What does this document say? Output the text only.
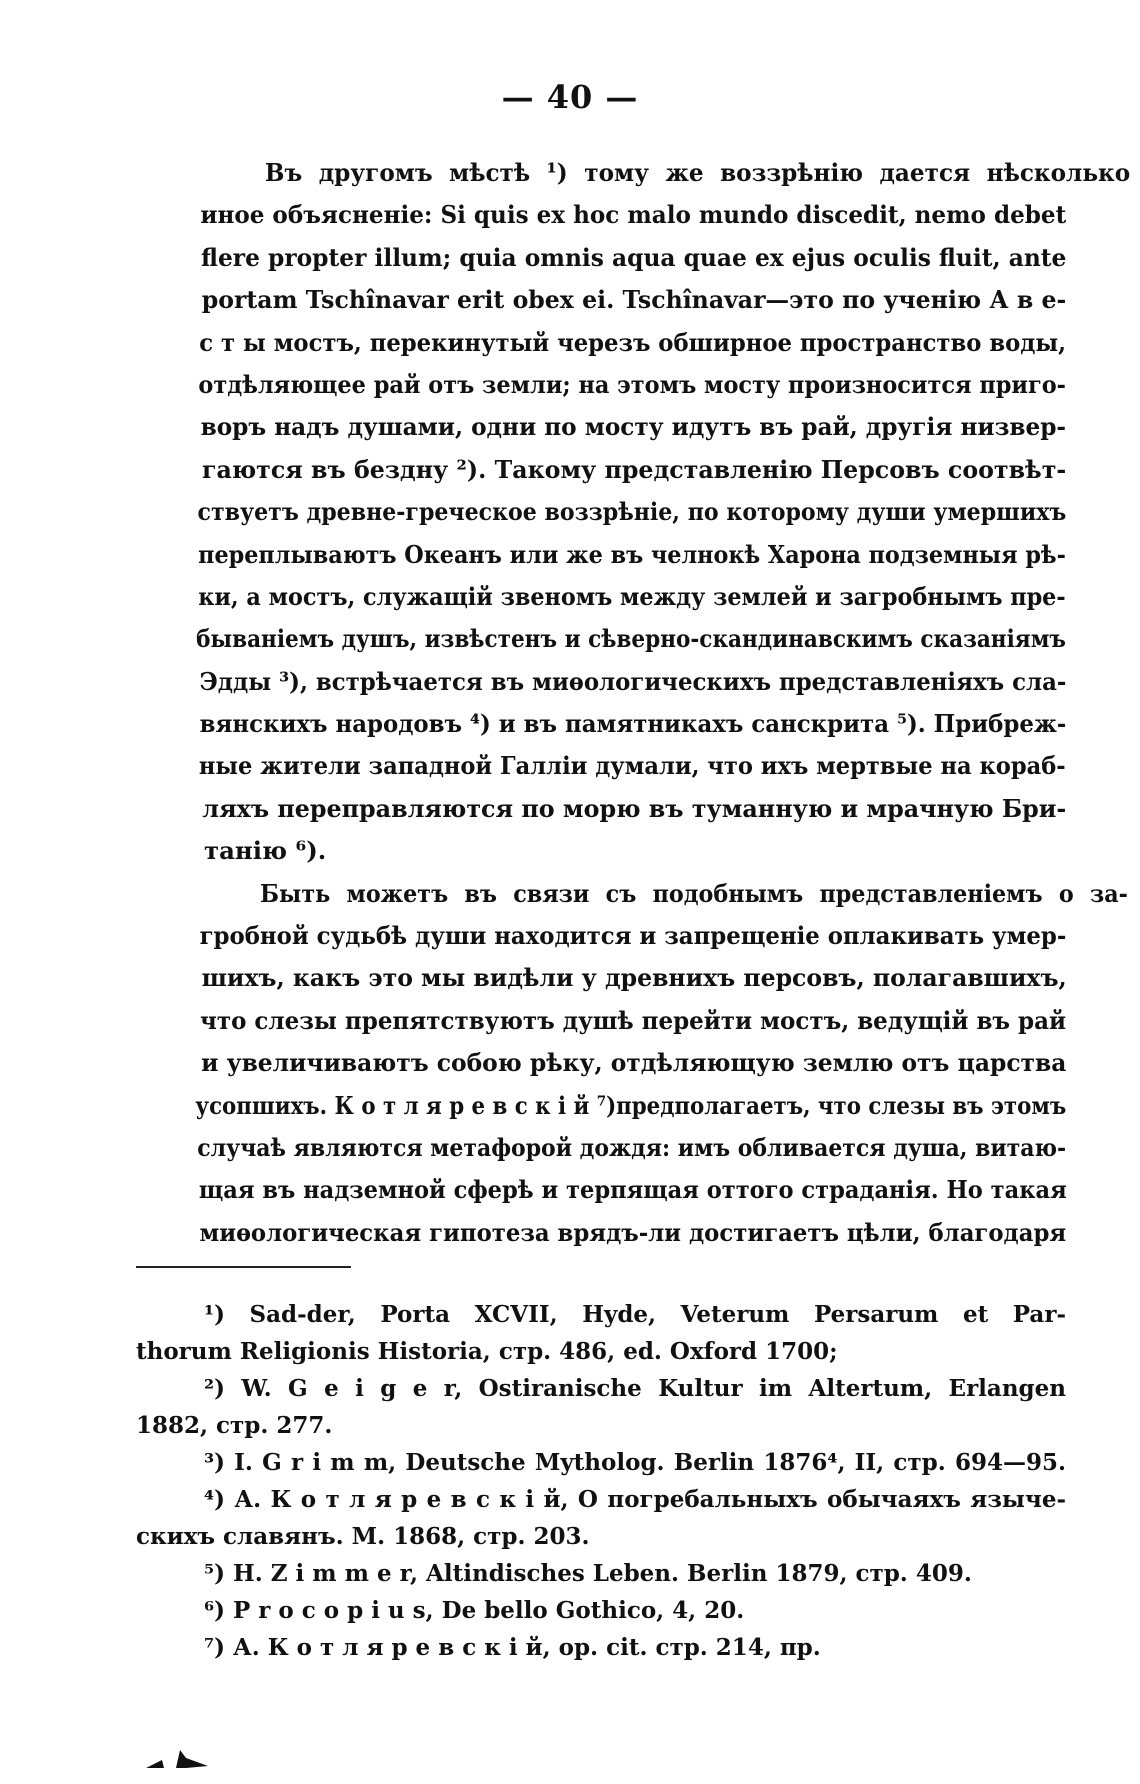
— 40 —
Въ другомъ мѣстѣ ¹) тому же воззрѣнію дается нѣсколько
иное объясненіе: Si quis ex hoc malo mundo discedit, nemo debet
flere propter illum; quia omnis aqua quae ex ejus oculis fluit, ante
portam Tschînavar erit obex ei. Tschînavar—это по ученію А в е-
с т ы мостъ, перекинутый черезъ обширное пространство воды,
отдѣляющее рай отъ земли; на этомъ мосту произносится приго-
воръ надъ душами, одни по мосту идутъ въ рай, другія низвер-
гаются въ бездну ²). Такому представленію Персовъ соотвѣт-
ствуетъ древне-греческое воззрѣніе, по которому души умершихъ
переплываютъ Океанъ или же въ челнокѣ Харона подземныя рѣ-
ки, а мостъ, служащій звеномъ между землей и загробнымъ пре-
бываніемъ душъ, извѣстенъ и сѣверно-скандинавскимъ сказаніямъ
Эдды ³), встрѣчается въ миѳологическихъ представленіяхъ сла-
вянскихъ народовъ ⁴) и въ памятникахъ санскрита ⁵). Прибреж-
ные жители западной Галліи думали, что ихъ мертвые на кораб-
ляхъ переправляются по морю въ туманную и мрачную Бри-
танію ⁶).
Быть можетъ въ связи съ подобнымъ представленіемъ о за-
гробной судьбѣ души находится и запрещеніе оплакивать умер-
шихъ, какъ это мы видѣли у древнихъ персовъ, полагавшихъ,
что слезы препятствуютъ душѣ перейти мостъ, ведущій въ рай
и увеличиваютъ собою рѣку, отдѣляющую землю отъ царства
усопшихъ. К о т л я р е в с к і й ⁷)предполагаетъ, что слезы въ этомъ
случаѣ являются метафорой дождя: имъ обливается душа, витаю-
щая въ надземной сферѣ и терпящая оттого страданія. Но такая
миѳологическая гипотеза врядъ-ли достигаетъ цѣли, благодаря
¹) Sad-der, Porta XCVII, Hyde, Veterum Persarum et Par-
thorum Religionis Historia, стр. 486, ed. Oxford 1700;
²) W. G e i g e r, Ostiranische Kultur im Altertum, Erlangen
1882, стр. 277.
³) I. G r i m m, Deutsche Mytholog. Berlin 1876⁴, II, стр. 694—95.
⁴) А. К о т л я р е в с к і й, О погребальныхъ обычаяхъ языче-
скихъ славянъ. М. 1868, стр. 203.
⁵) H. Z i m m e r, Altindisches Leben. Berlin 1879, стр. 409.
⁶) P r o c o p i u s, De bello Gothico, 4, 20.
⁷) А. К о т л я р е в с к і й, op. cit. стр. 214, пр.
